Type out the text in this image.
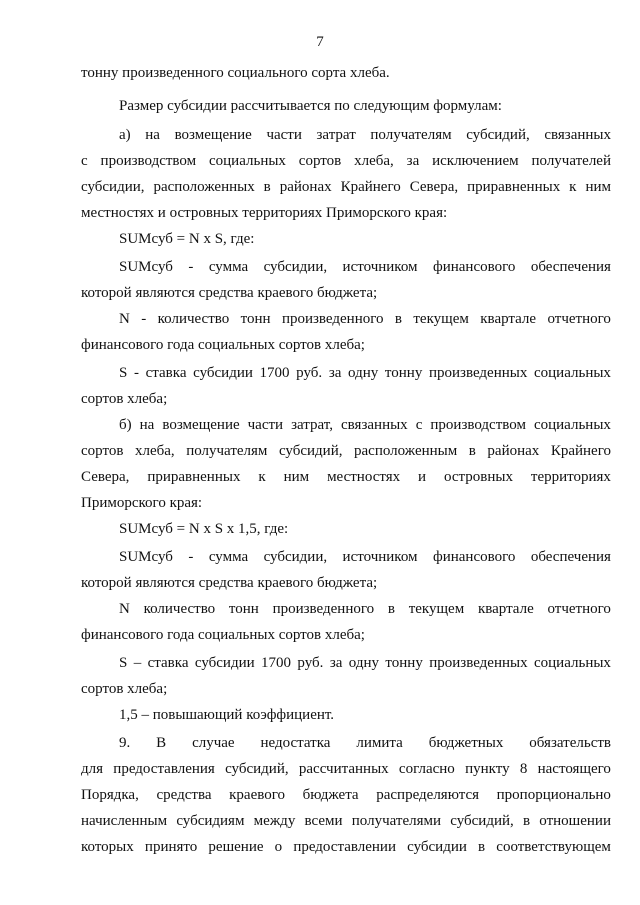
7
тонну произведенного социального сорта хлеба.
Размер субсидии рассчитывается по следующим формулам:
а) на возмещение части затрат получателям субсидий, связанных
с производством социальных сортов хлеба, за исключением получателей
субсидии, расположенных в районах Крайнего Севера, приравненных к ним
местностях и островных территориях Приморского края:
SUMсуб = N x S, где:
SUMсуб - сумма субсидии, источником финансового обеспечения
которой являются средства краевого бюджета;
N - количество тонн произведенного в текущем квартале отчетного
финансового года социальных сортов хлеба;
S - ставка субсидии 1700 руб. за одну тонну произведенных социальных
сортов хлеба;
б) на возмещение части затрат, связанных с производством социальных
сортов хлеба, получателям субсидий, расположенным в районах Крайнего
Севера, приравненных к ним местностях и островных территориях
Приморского края:
SUMсуб = N x S x 1,5, где:
SUMсуб - сумма субсидии, источником финансового обеспечения
которой являются средства краевого бюджета;
N количество тонн произведенного в текущем квартале отчетного
финансового года социальных сортов хлеба;
S – ставка субсидии 1700 руб. за одну тонну произведенных социальных
сортов хлеба;
1,5 – повышающий коэффициент.
9. В случае недостатка лимита бюджетных обязательств
для предоставления субсидий, рассчитанных согласно пункту 8 настоящего
Порядка, средства краевого бюджета распределяются пропорционально
начисленным субсидиям между всеми получателями субсидий, в отношении
которых принято решение о предоставлении субсидии в соответствующем
